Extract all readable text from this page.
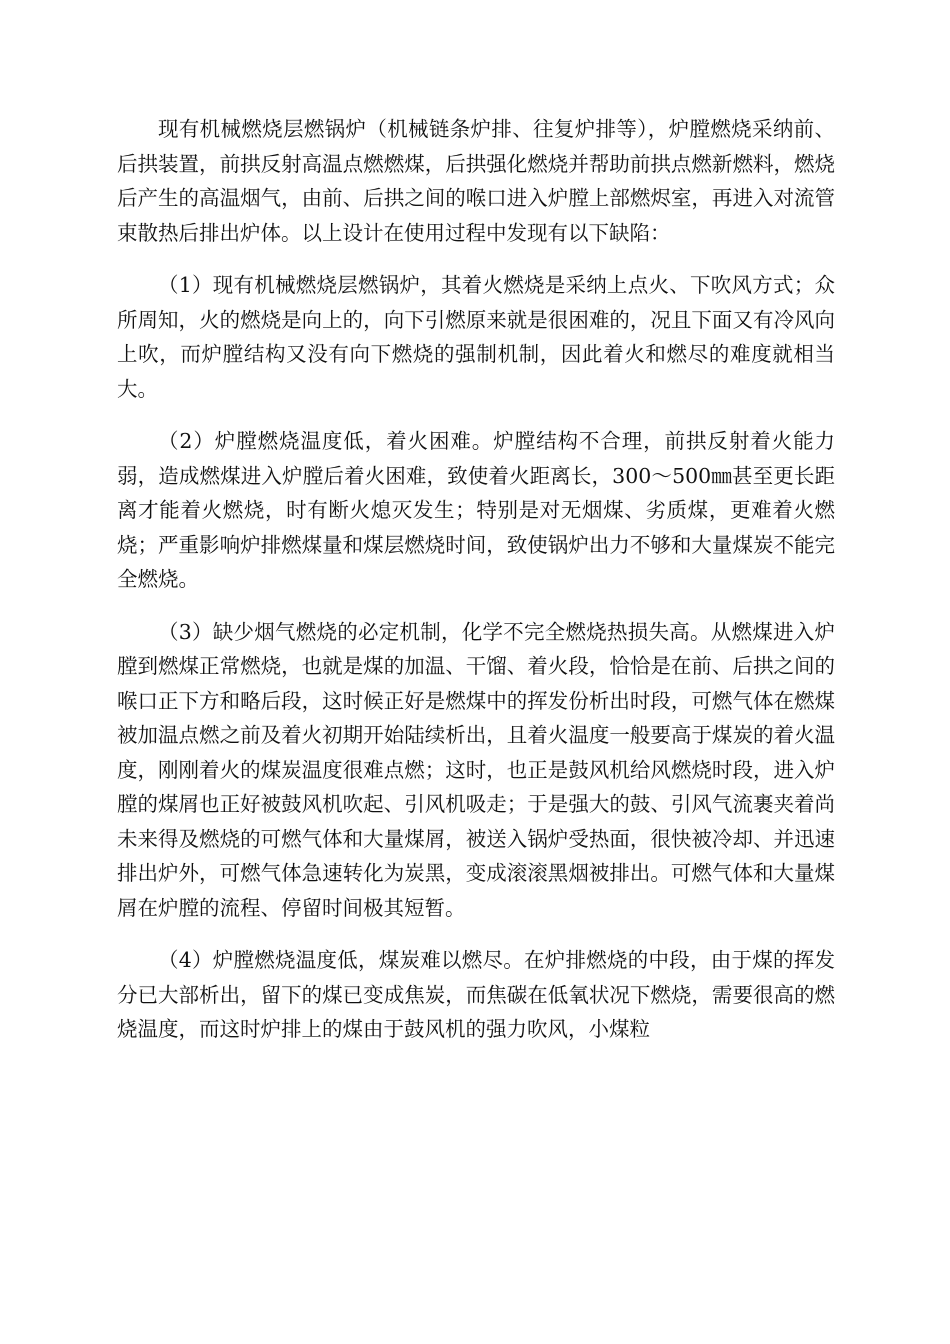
现有机械燃烧层燃锅炉（机械链条炉排、往复炉排等），炉膛燃烧采纳前、后拱装置，前拱反射高温点燃燃煤，后拱强化燃烧并帮助前拱点燃新燃料，燃烧后产生的高温烟气，由前、后拱之间的喉口进入炉膛上部燃烬室，再进入对流管束散热后排出炉体。以上设计在使用过程中发现有以下缺陷：

（1）现有机械燃烧层燃锅炉，其着火燃烧是采纳上点火、下吹风方式；众所周知，火的燃烧是向上的，向下引燃原来就是很困难的，况且下面又有冷风向上吹，而炉膛结构又没有向下燃烧的强制机制，因此着火和燃尽的难度就相当大。

（2）炉膛燃烧温度低，着火困难。炉膛结构不合理，前拱反射着火能力弱，造成燃煤进入炉膛后着火困难，致使着火距离长，300～500㎜甚至更长距离才能着火燃烧，时有断火熄灭发生；特别是对无烟煤、劣质煤，更难着火燃烧；严重影响炉排燃煤量和煤层燃烧时间，致使锅炉出力不够和大量煤炭不能完全燃烧。

（3）缺少烟气燃烧的必定机制，化学不完全燃烧热损失高。从燃煤进入炉膛到燃煤正常燃烧，也就是煤的加温、干馏、着火段，恰恰是在前、后拱之间的喉口正下方和略后段，这时候正好是燃煤中的挥发份析出时段，可燃气体在燃煤被加温点燃之前及着火初期开始陆续析出，且着火温度一般要高于煤炭的着火温度，刚刚着火的煤炭温度很难点燃；这时，也正是鼓风机给风燃烧时段，进入炉膛的煤屑也正好被鼓风机吹起、引风机吸走；于是强大的鼓、引风气流裹夹着尚未来得及燃烧的可燃气体和大量煤屑，被送入锅炉受热面，很快被冷却、并迅速排出炉外，可燃气体急速转化为炭黑，变成滚滚黑烟被排出。可燃气体和大量煤屑在炉膛的流程、停留时间极其短暂。

（4）炉膛燃烧温度低，煤炭难以燃尽。在炉排燃烧的中段，由于煤的挥发分已大部析出，留下的煤已变成焦炭，而焦碳在低氧状况下燃烧，需要很高的燃烧温度，而这时炉排上的煤由于鼓风机的强力吹风，小煤粒
